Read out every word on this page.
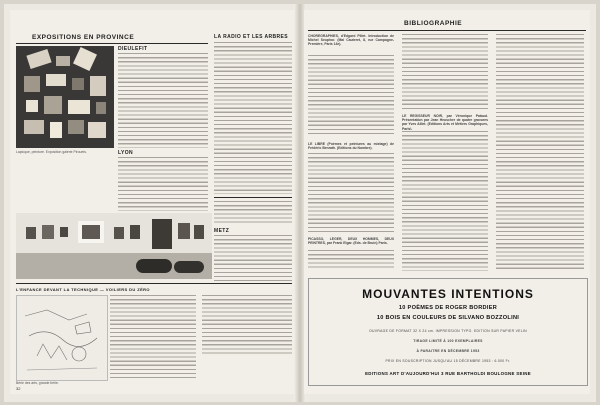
EXPOSITIONS EN PROVINCE
Lapicque, peinture. Exposition galerie Pirouets.
DIEULEFIT
LYON
LA RADIO ET LES ARBRES
METZ
L'ENFANCE DEVANT LA TECHNIQUE — VOILIERS DU ZÉRO
Bérie des arts, grande bérie.
32
BIBLIOGRAPHIE
CHOREGRAPHIES, d'Edgard Pillet. Introduction de Michel Seuphor. (Mai Cauteret, 8, rue Campagne-Première, Paris 14e).
LE LIBRE (Poèmes et peintures au mixtage) de Frédéric Benrath. (Editions du Nombre).
PICASSO, LÉGER, DEUX HOMMES, DEUX PEINTRES, par Frank Elgar. (Eds. de Bruin) Paris.
LE REGISSEUR NOIR, par Véronique Pataud. Présentation par Jean Heuscher de quatre gravures par Yves Aillet. (Editions Arts et Métiers Graphiques, Paris).
MOUVANTES INTENTIONS
10 POÈMES DE ROGER BORDIER
10 BOIS EN COULEURS DE SILVANO BOZZOLINI
OUVRAGE DE FORMAT 32 X 24 cm. IMPRESSION TYPO. EDITION SUR PAPIER VELIN
TIRAGE LIMITÉ À 100 EXEMPLAIRES
À PARAITRE EN DÉCEMBRE 1953
PRIX EN SOUSCRIPTION JUSQU'AU 15 DÉCEMBRE 1953 : 6.000 Fr.
EDITIONS ART D'AUJOURD'HUI 3 RUE BARTHOLDI BOULOGNE SEINE
